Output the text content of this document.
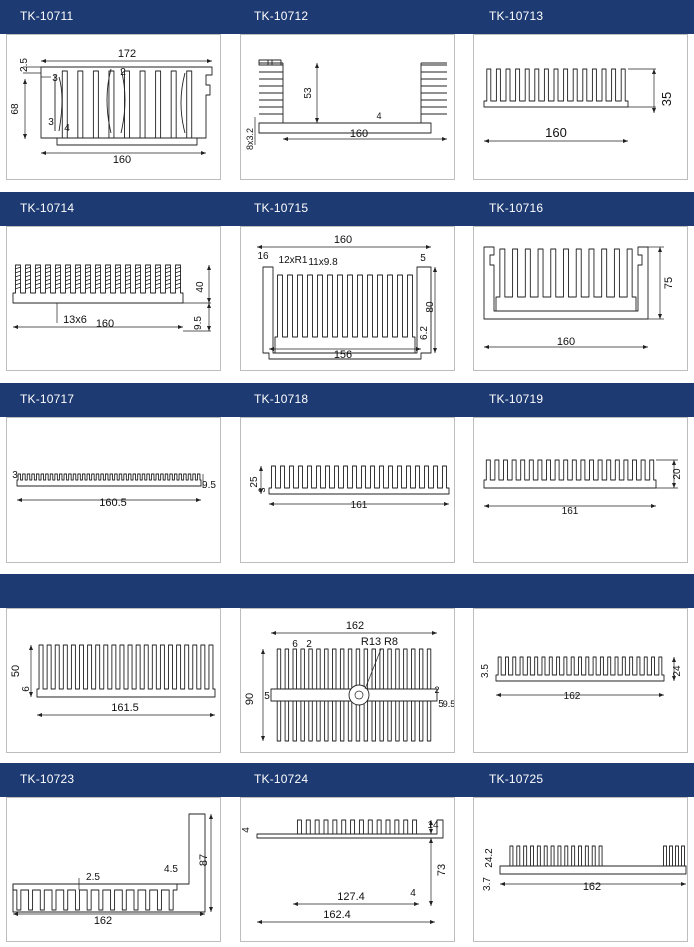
TK-10711	TK-10712	TK-10713
TK-10714	TK-10715	TK-10716
TK-10717	TK-10718	TK-10719
TK-10723	TK-10724	TK-10725
172
2.5
3
2
68
3
4
160
53
8x3.2
4
160
35
160
40
9.5
13x6 160
160
16 12xR1 11x9.8	5
80
6.2
156
75
160
3
9.5
160.5
25
3
161
20
161
50
6
161.5
162
6 2	R13 R8
90 5
5
9.5
2
3.5	24
162
87
2.5
4.5
162
4	14
73
127.4	4
162.4
24.2
3.7	162
